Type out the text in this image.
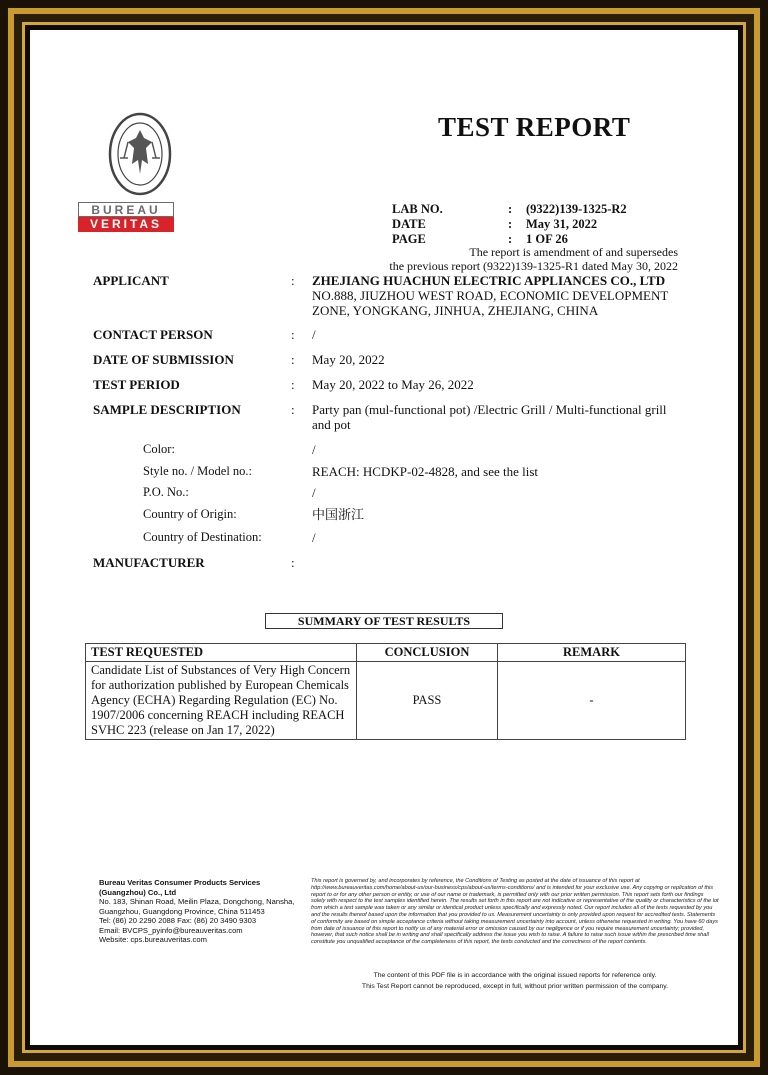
BUREAU
VERITAS
TEST REPORT
LAB NO.	: (9322)139-1325-R2
DATE	: May 31, 2022
PAGE	: 1 OF 26
The report is amendment of and supersedes
the previous report (9322)139-1325-R1 dated May 30, 2022
APPLICANT	: ZHEJIANG HUACHUN ELECTRIC APPLIANCES CO., LTD
NO.888, JIUZHOU WEST ROAD, ECONOMIC DEVELOPMENT ZONE, YONGKANG, JINHUA, ZHEJIANG, CHINA
CONTACT PERSON	: /
DATE OF SUBMISSION	: May 20, 2022
TEST PERIOD	: May 20, 2022 to May 26, 2022
SAMPLE DESCRIPTION	: Party pan (mul-functional pot) /Electric Grill / Multi-functional grill and pot
Color:	/
Style no. / Model no.:	REACH: HCDKP-02-4828, and see the list
P.O. No.:	/
Country of Origin:	中国浙江
Country of Destination:	/
MANUFACTURER	:
SUMMARY OF TEST RESULTS
TEST REQUESTED	CONCLUSION	REMARK
Candidate List of Substances of Very High Concern for authorization published by European Chemicals Agency (ECHA) Regarding Regulation (EC) No. 1907/2006 concerning REACH including REACH SVHC 223 (release on Jan 17, 2022)	PASS	-
Bureau Veritas Consumer Products Services (Guangzhou) Co., Ltd
No. 183, Shinan Road, Meilin Plaza, Dongchong, Nansha, Guangzhou, Guangdong Province, China 511453
Tel: (86) 20 2290 2088 Fax: (86) 20 3490 9303
Email: BVCPS_pyinfo@bureauveritas.com
Website: cps.bureauveritas.com
This report is governed by, and incorporates by reference, the Conditions of Testing as posted at the date of issuance of this report at http://www.bureauveritas.com/home/about-us/our-business/cps/about-us/terms-conditions/ and is intended for your exclusive use. Any copying or replication of this report to or for any other person or entity, or use of our name or trademark, is permitted only with our prior written permission. This report sets forth our findings solely with respect to the test samples identified herein. The results set forth in this report are not indicative or representative of the quality or characteristics of the lot from which a test sample was taken or any similar or identical product unless specifically and expressly noted. Our report includes all of the tests requested by you and the results thereof based upon the information that you provided to us. Measurement uncertainty is only provided upon request for accredited tests. Statements of conformity are based on simple acceptance criteria without taking measurement uncertainty into account, unless otherwise requested in writing. You have 60 days from date of issuance of this report to notify us of any material error or omission caused by our negligence or if you require measurement uncertainty; provided, however, that such notice shall be in writing and shall specifically address the issue you wish to raise. A failure to raise such issue within the prescribed time shall constitute you unqualified acceptance of the completeness of this report, the tests conducted and the correctness of the report contents.
The content of this PDF file is in accordance with the original issued reports for reference only.
This Test Report cannot be reproduced, except in full, without prior written permission of the company.
